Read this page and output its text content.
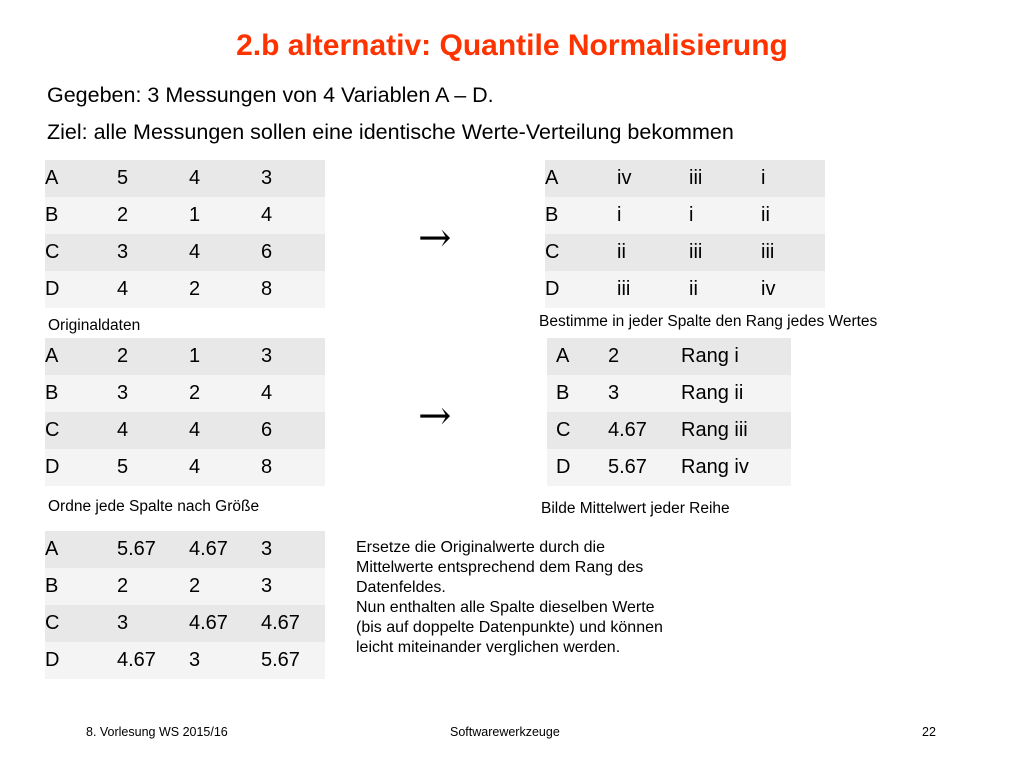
2.b alternativ: Quantile Normalisierung
Gegeben: 3 Messungen von 4 Variablen A – D.
Ziel: alle Messungen sollen eine identische Werte-Verteilung bekommen
A	5	4	3
B	2	1	4
C	3	4	6
D	4	2	8
Originaldaten
→
A	iv	iii	i
B	i	i	ii
C	ii	iii	iii
D	iii	ii	iv
Bestimme in jeder Spalte den Rang jedes Wertes
A	2	1	3
B	3	2	4
C	4	4	6
D	5	4	8
Ordne jede Spalte nach Größe
→
A	2	Rang i
B	3	Rang ii
C	4.67	Rang iii
D	5.67	Rang iv
Bilde Mittelwert jeder Reihe
A	5.67	4.67	3
B	2	2	3
C	3	4.67	4.67
D	4.67	3	5.67
Ersetze die Originalwerte durch die
Mittelwerte entsprechend dem Rang des
Datenfeldes.
Nun enthalten alle Spalte dieselben Werte
(bis auf doppelte Datenpunkte) und können
leicht miteinander verglichen werden.
8. Vorlesung WS 2015/16	Softwarewerkzeuge	22
